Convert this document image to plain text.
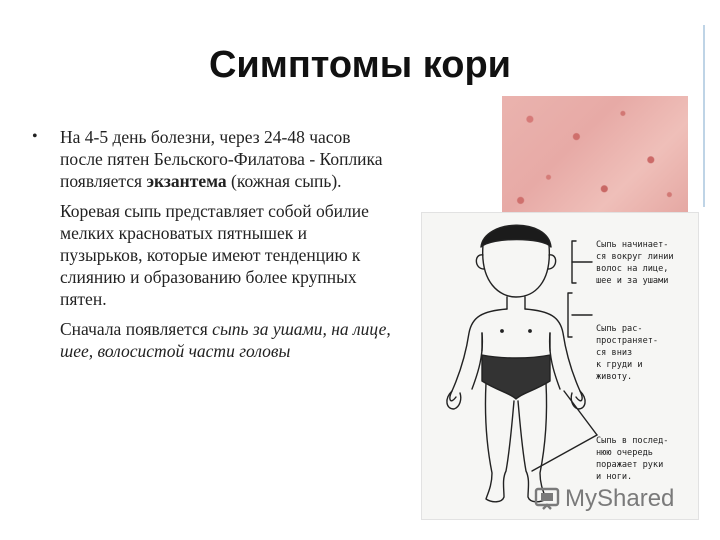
Симптомы кори
• На 4-5 день болезни, через 24-48 часов после пятен Бельского-Филатова - Коплика появляется экзантема (кожная сыпь).

Коревая сыпь представляет собой обилие мелких красноватых пятнышек и пузырьков, которые имеют тенденцию к слиянию и образованию более крупных пятен.

Сначала появляется сыпь за ушами, на лице, шее, волосистой части головы

Сыпь начинает-
ся вокруг линии
волос на лице,
шее и за ушами
Сыпь рас-
пространяет-
ся вниз
к груди и
животу.
Сыпь в послед-
нюю очередь
поражает руки
и ноги.
MyShared
